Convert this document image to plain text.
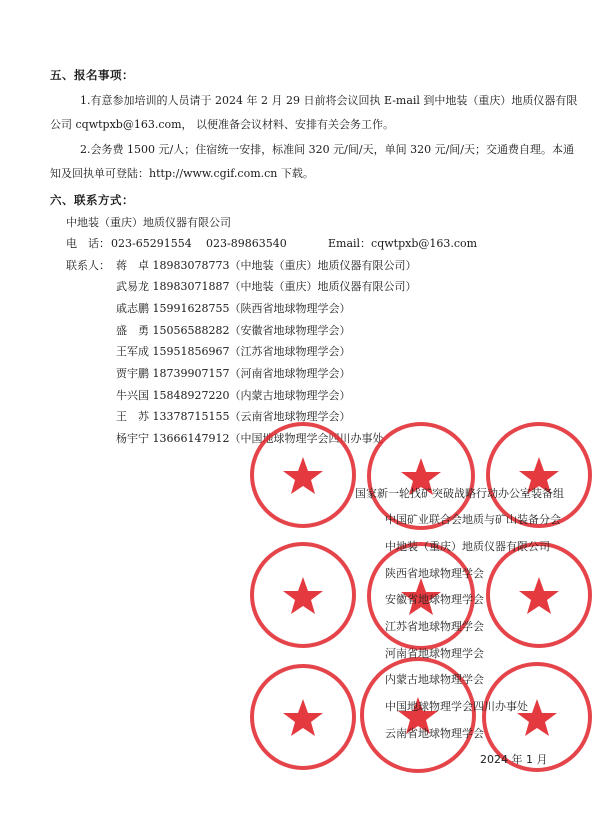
五、报名事项：
1.有意参加培训的人员请于 2024 年 2 月 29 日前将会议回执 E-mail 到中地装（重庆）地质仪器有限
公司 cqwtpxb@163.com， 以便准备会议材料、安排有关会务工作。
2.会务费 1500 元/人；住宿统一安排，标准间 320 元/间/天，单间 320 元/间/天；交通费自理。本通
知及回执单可登陆：http://www.cgif.com.cn 下载。
六、联系方式：
中地装（重庆）地质仪器有限公司
电　话： 023-65291554 023-89863540	Email：cqwtpxb@163.com
联系人： 蒋　卓 18983078773（中地装（重庆）地质仪器有限公司）
武易龙 18983071887（中地装（重庆）地质仪器有限公司）
戚志鹏 15991628755（陕西省地球物理学会）
盛　勇 15056588282（安徽省地球物理学会）
王军成 15951856967（江苏省地球物理学会）
贾宇鹏 18739907157（河南省地球物理学会）
牛兴国 15848927220（内蒙古地球物理学会）
王　苏 13378715155（云南省地球物理学会）
杨宇宁 13666147912（中国地球物理学会四川办事处
国家新一轮找矿突破战略行动办公室装备组
中国矿业联合会地质与矿山装备分会
中地装（重庆）地质仪器有限公司
陕西省地球物理学会
安徽省地球物理学会
江苏省地球物理学会
河南省地球物理学会
内蒙古地球物理学会
中国地球物理学会四川办事处
云南省地球物理学会
2024 年 1 月
